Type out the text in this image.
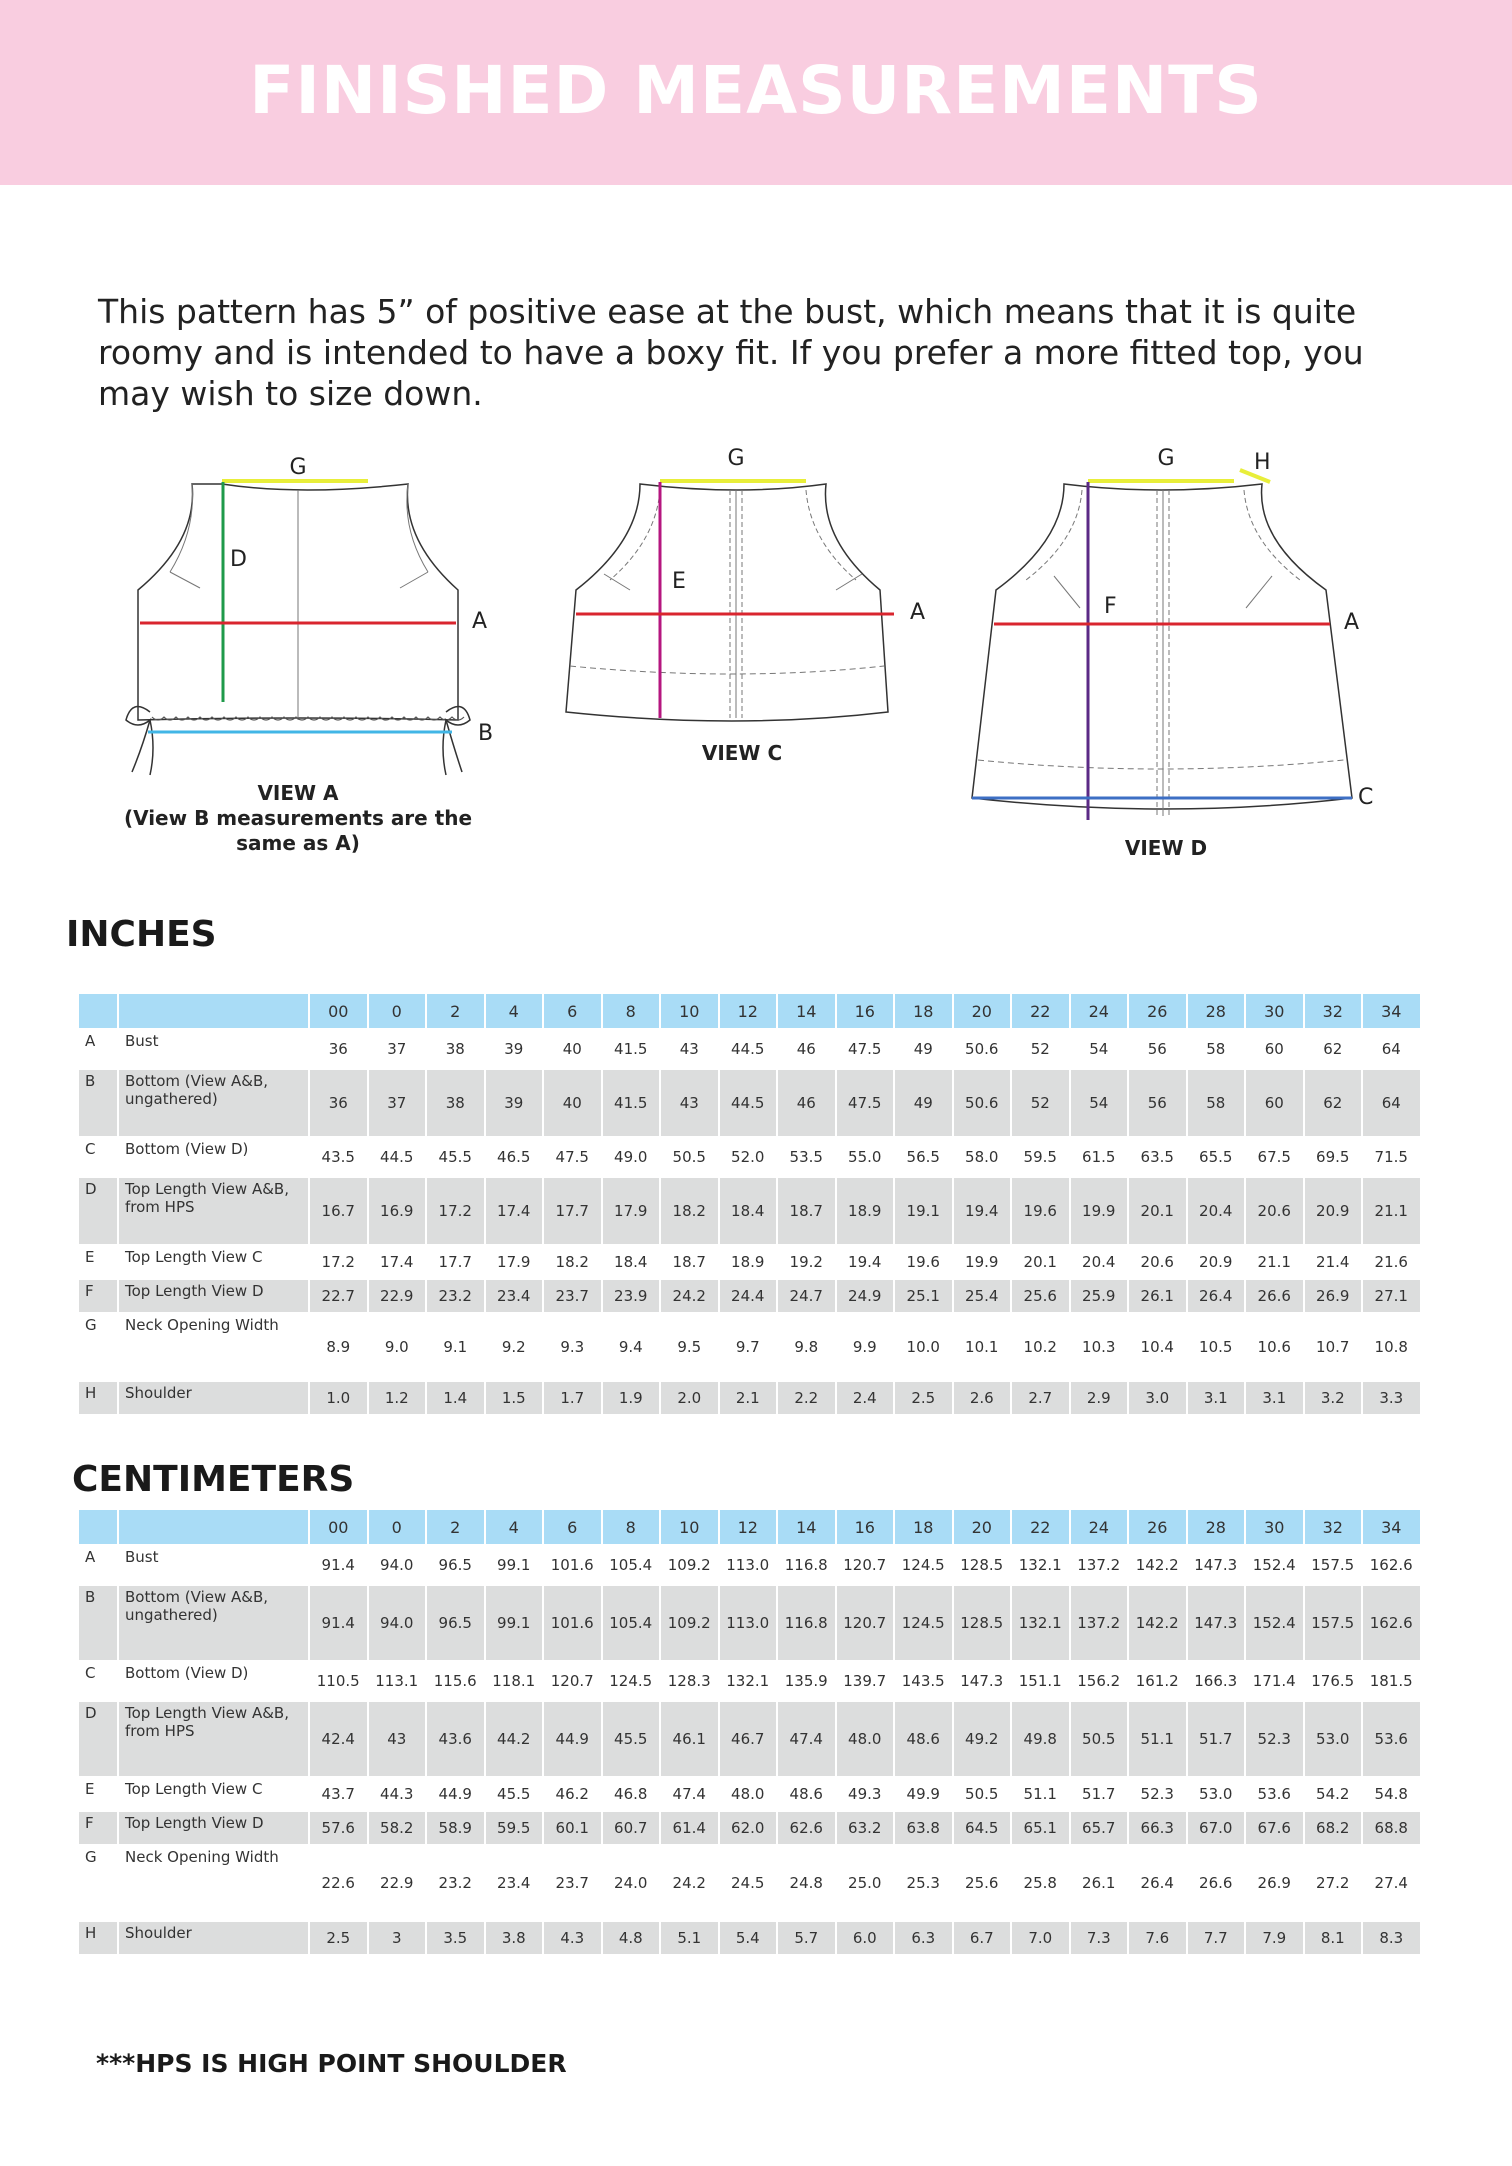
FINISHED MEASUREMENTS

This pattern has 5” of positive ease at the bust, which means that it is quite roomy and is intended to have a boxy fit. If you prefer a more fitted top, you may wish to size down.

G
D
A
B
VIEW A
(View B measurements are the
same as A)
G
E
A
VIEW C
G	H
F
A
C
VIEW D
INCHES
		00	0	2	4	6	8	10	12	14	16	18	20	22	24	26	28	30	32	34
A	Bust	36	37	38	39	40	41.5	43	44.5	46	47.5	49	50.6	52	54	56	58	60	62	64
B	Bottom (View A&B, ungathered)	36	37	38	39	40	41.5	43	44.5	46	47.5	49	50.6	52	54	56	58	60	62	64
C	Bottom (View D)	43.5	44.5	45.5	46.5	47.5	49.0	50.5	52.0	53.5	55.0	56.5	58.0	59.5	61.5	63.5	65.5	67.5	69.5	71.5
D	Top Length View A&B, from HPS	16.7	16.9	17.2	17.4	17.7	17.9	18.2	18.4	18.7	18.9	19.1	19.4	19.6	19.9	20.1	20.4	20.6	20.9	21.1
E	Top Length View C	17.2	17.4	17.7	17.9	18.2	18.4	18.7	18.9	19.2	19.4	19.6	19.9	20.1	20.4	20.6	20.9	21.1	21.4	21.6
F	Top Length View D	22.7	22.9	23.2	23.4	23.7	23.9	24.2	24.4	24.7	24.9	25.1	25.4	25.6	25.9	26.1	26.4	26.6	26.9	27.1
G	Neck Opening Width	8.9	9.0	9.1	9.2	9.3	9.4	9.5	9.7	9.8	9.9	10.0	10.1	10.2	10.3	10.4	10.5	10.6	10.7	10.8
H	Shoulder	1.0	1.2	1.4	1.5	1.7	1.9	2.0	2.1	2.2	2.4	2.5	2.6	2.7	2.9	3.0	3.1	3.1	3.2	3.3
CENTIMETERS
		00	0	2	4	6	8	10	12	14	16	18	20	22	24	26	28	30	32	34
A	Bust	91.4	94.0	96.5	99.1	101.6	105.4	109.2	113.0	116.8	120.7	124.5	128.5	132.1	137.2	142.2	147.3	152.4	157.5	162.6
B	Bottom (View A&B, ungathered)	91.4	94.0	96.5	99.1	101.6	105.4	109.2	113.0	116.8	120.7	124.5	128.5	132.1	137.2	142.2	147.3	152.4	157.5	162.6
C	Bottom (View D)	110.5	113.1	115.6	118.1	120.7	124.5	128.3	132.1	135.9	139.7	143.5	147.3	151.1	156.2	161.2	166.3	171.4	176.5	181.5
D	Top Length View A&B, from HPS	42.4	43	43.6	44.2	44.9	45.5	46.1	46.7	47.4	48.0	48.6	49.2	49.8	50.5	51.1	51.7	52.3	53.0	53.6
E	Top Length View C	43.7	44.3	44.9	45.5	46.2	46.8	47.4	48.0	48.6	49.3	49.9	50.5	51.1	51.7	52.3	53.0	53.6	54.2	54.8
F	Top Length View D	57.6	58.2	58.9	59.5	60.1	60.7	61.4	62.0	62.6	63.2	63.8	64.5	65.1	65.7	66.3	67.0	67.6	68.2	68.8
G	Neck Opening Width	22.6	22.9	23.2	23.4	23.7	24.0	24.2	24.5	24.8	25.0	25.3	25.6	25.8	26.1	26.4	26.6	26.9	27.2	27.4
H	Shoulder	2.5	3	3.5	3.8	4.3	4.8	5.1	5.4	5.7	6.0	6.3	6.7	7.0	7.3	7.6	7.7	7.9	8.1	8.3
***HPS IS HIGH POINT SHOULDER
